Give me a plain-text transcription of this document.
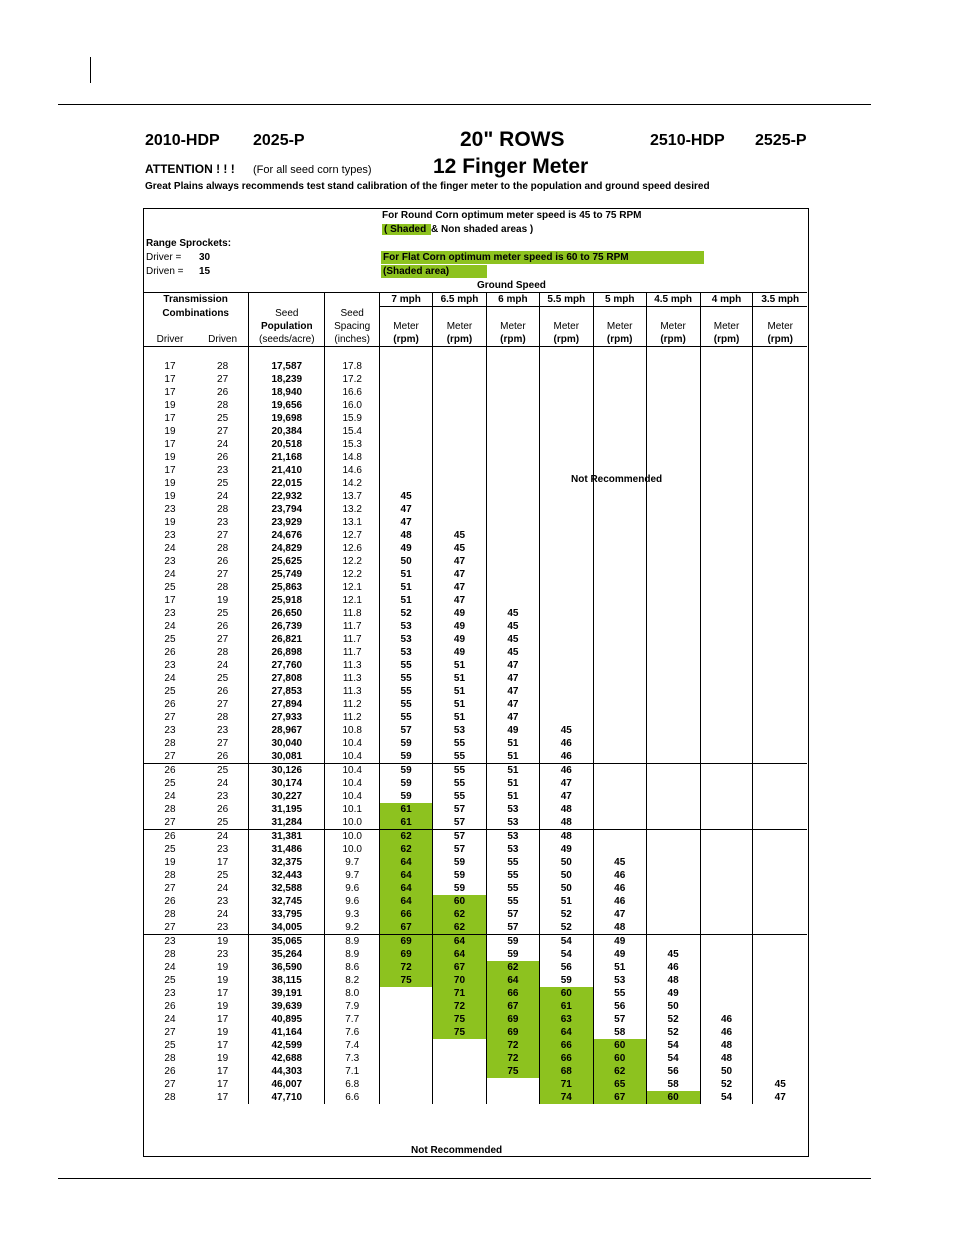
2010-HDP 2025-P	20" ROWS	2510-HDP 2525-P
ATTENTION ! ! ! (For all seed corn types)	12 Finger Meter
Great Plains always recommends test stand calibration of the finger meter to the population and ground speed desired
For Round Corn optimum meter speed is 45 to 75 RPM
( Shaded & Non shaded areas )
Range Sprockets:
Driver = 30
Driven = 15
For Flat Corn optimum meter speed is 60 to 75 RPM
(Shaded area)
Ground Speed
Transmission				7 mph	6.5 mph	6 mph	5.5 mph	5 mph	4.5 mph	4 mph	3.5 mph
Combinations		Seed	Seed								
		Population	Spacing	Meter	Meter	Meter	Meter	Meter	Meter	Meter	Meter
Driver	Driven	(seeds/acre)	(inches)	(rpm)	(rpm)	(rpm)	(rpm)	(rpm)	(rpm)	(rpm)	(rpm)

17	28	17,587	17.8								
17	27	18,239	17.2								
17	26	18,940	16.6								
19	28	19,656	16.0								
17	25	19,698	15.9								
19	27	20,384	15.4								
17	24	20,518	15.3								
19	26	21,168	14.8								
17	23	21,410	14.6								
19	25	22,015	14.2								
19	24	22,932	13.7	45							
23	28	23,794	13.2	47							
19	23	23,929	13.1	47							
23	27	24,676	12.7	48	45						
24	28	24,829	12.6	49	45						
23	26	25,625	12.2	50	47						
24	27	25,749	12.2	51	47						
25	28	25,863	12.1	51	47						
17	19	25,918	12.1	51	47						
23	25	26,650	11.8	52	49	45					
24	26	26,739	11.7	53	49	45					
25	27	26,821	11.7	53	49	45					
26	28	26,898	11.7	53	49	45					
23	24	27,760	11.3	55	51	47					
24	25	27,808	11.3	55	51	47					
25	26	27,853	11.3	55	51	47					
26	27	27,894	11.2	55	51	47					
27	28	27,933	11.2	55	51	47					
23	23	28,967	10.8	57	53	49	45				
28	27	30,040	10.4	59	55	51	46				
27	26	30,081	10.4	59	55	51	46				
26	25	30,126	10.4	59	55	51	46				
25	24	30,174	10.4	59	55	51	47				
24	23	30,227	10.4	59	55	51	47				
28	26	31,195	10.1	61	57	53	48				
27	25	31,284	10.0	61	57	53	48				
26	24	31,381	10.0	62	57	53	48				
25	23	31,486	10.0	62	57	53	49				
19	17	32,375	9.7	64	59	55	50	45			
28	25	32,443	9.7	64	59	55	50	46			
27	24	32,588	9.6	64	59	55	50	46			
26	23	32,745	9.6	64	60	55	51	46			
28	24	33,795	9.3	66	62	57	52	47			
27	23	34,005	9.2	67	62	57	52	48			
23	19	35,065	8.9	69	64	59	54	49			
28	23	35,264	8.9	69	64	59	54	49	45		
24	19	36,590	8.6	72	67	62	56	51	46		
25	19	38,115	8.2	75	70	64	59	53	48		
23	17	39,191	8.0		71	66	60	55	49		
26	19	39,639	7.9		72	67	61	56	50		
24	17	40,895	7.7		75	69	63	57	52	46	
27	19	41,164	7.6		75	69	64	58	52	46	
25	17	42,599	7.4			72	66	60	54	48	
28	19	42,688	7.3			72	66	60	54	48	
26	17	44,303	7.1			75	68	62	56	50	
27	17	46,007	6.8				71	65	58	52	45
28	17	47,710	6.6				74	67	60	54	47
Not Recommended
Not Recommended
